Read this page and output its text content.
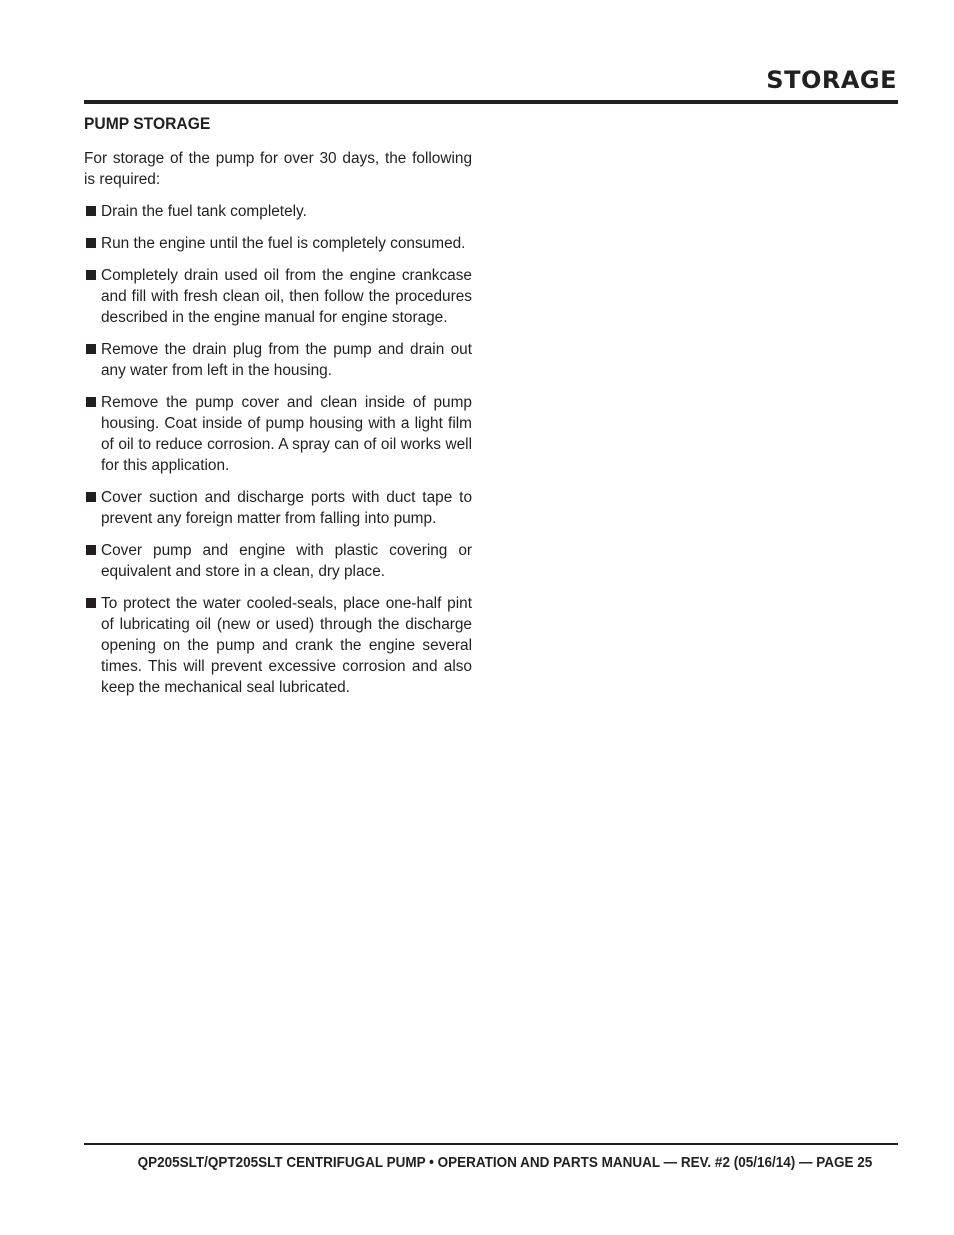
STORAGE
PUMP STORAGE

For storage of the pump for over 30 days, the following is required:

Drain the fuel tank completely.
Run the engine until the fuel is completely consumed.
Completely drain used oil from the engine crankcase and fill with fresh clean oil, then follow the procedures described in the engine manual for engine storage.
Remove the drain plug from the pump and drain out any water from left in the housing.
Remove the pump cover and clean inside of pump housing. Coat inside of pump housing with a light film of oil to reduce corrosion. A spray can of oil works well for this application.
Cover suction and discharge ports with duct tape to prevent any foreign matter from falling into pump.
Cover pump and engine with plastic covering or equivalent and store in a clean, dry place.
To protect the water cooled-seals, place one-half pint of lubricating oil (new or used) through the discharge opening on the pump and crank the engine several times. This will prevent excessive corrosion and also keep the mechanical seal lubricated.

QP205SLT/QPT205SLT CENTRIFUGAL PUMP • OPERATION AND PARTS MANUAL — REV. #2 (05/16/14) — PAGE 25
